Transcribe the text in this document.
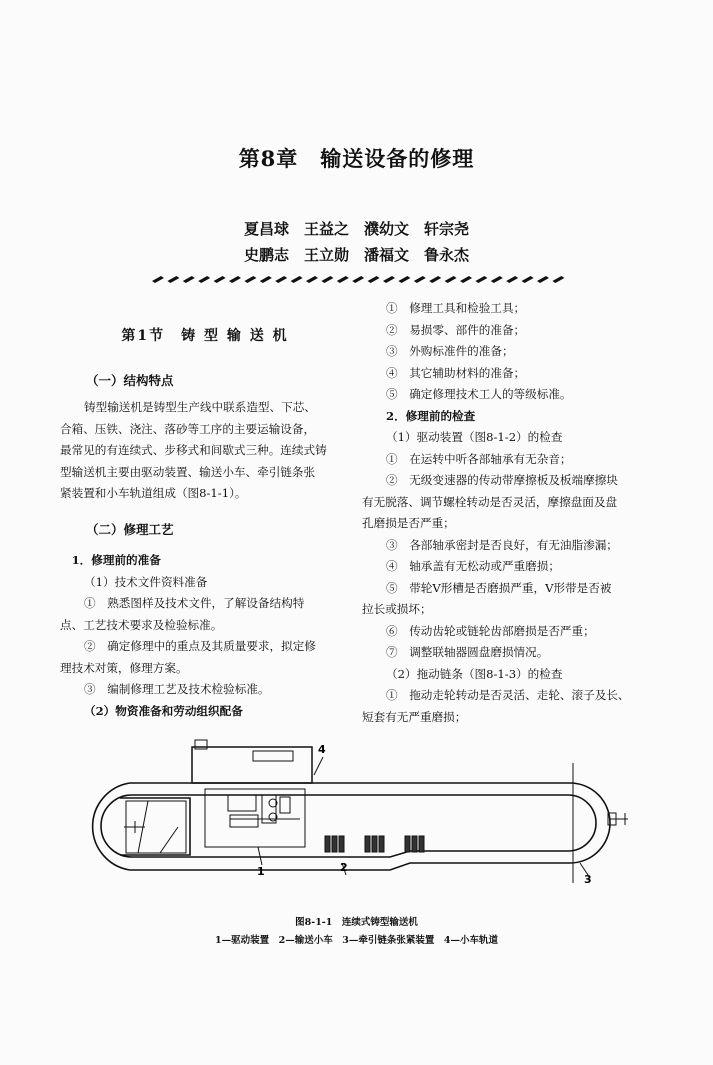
第8章　输送设备的修理
夏昌球　王益之　濮幼文　轩宗尧
史鹏志　王立勋　潘福文　鲁永杰

第1节　铸 型 输 送 机

（一）结构特点

铸型输送机是铸型生产线中联系造型、下芯、

合箱、压铁、浇注、落砂等工序的主要运输设备，

最常见的有连续式、步移式和间歇式三种。连续式铸

型输送机主要由驱动装置、输送小车、牵引链条张

紧装置和小车轨道组成（图8-1-1）。

（二）修理工艺

　1．修理前的准备

（1）技术文件资料准备

①　熟悉图样及技术文件，了解设备结构特

点、工艺技术要求及检验标准。

②　确定修理中的重点及其质量要求，拟定修

理技术对策，修理方案。

③　编制修理工艺及技术检验标准。

（2）物资准备和劳动组织配备

①　修理工具和检验工具；

②　易损零、部件的准备；

③　外购标准件的准备；

④　其它辅助材料的准备；

⑤　确定修理技术工人的等级标准。

2．修理前的检查

（1）驱动装置（图8-1-2）的检查

①　在运转中听各部轴承有无杂音；

②　无级变速器的传动带摩擦板及板端摩擦块

有无脱落、调节螺栓转动是否灵活，摩擦盘面及盘

孔磨损是否严重；

③　各部轴承密封是否良好，有无油脂渗漏；

④　轴承盖有无松动或严重磨损；

⑤　带轮V形槽是否磨损严重，V形带是否被

拉长或损坏；

⑥　传动齿轮或链轮齿部磨损是否严重；

⑦　调整联轴器圆盘磨损情况。

（2）拖动链条（图8-1-3）的检查

①　拖动走轮转动是否灵活、走轮、滚子及长、

短套有无严重磨损；

4
1	2
3
图8-1-1　连续式铸型输送机
1—驱动装置　2—输送小车　3—牵引链条张紧装置　4—小车轨道
